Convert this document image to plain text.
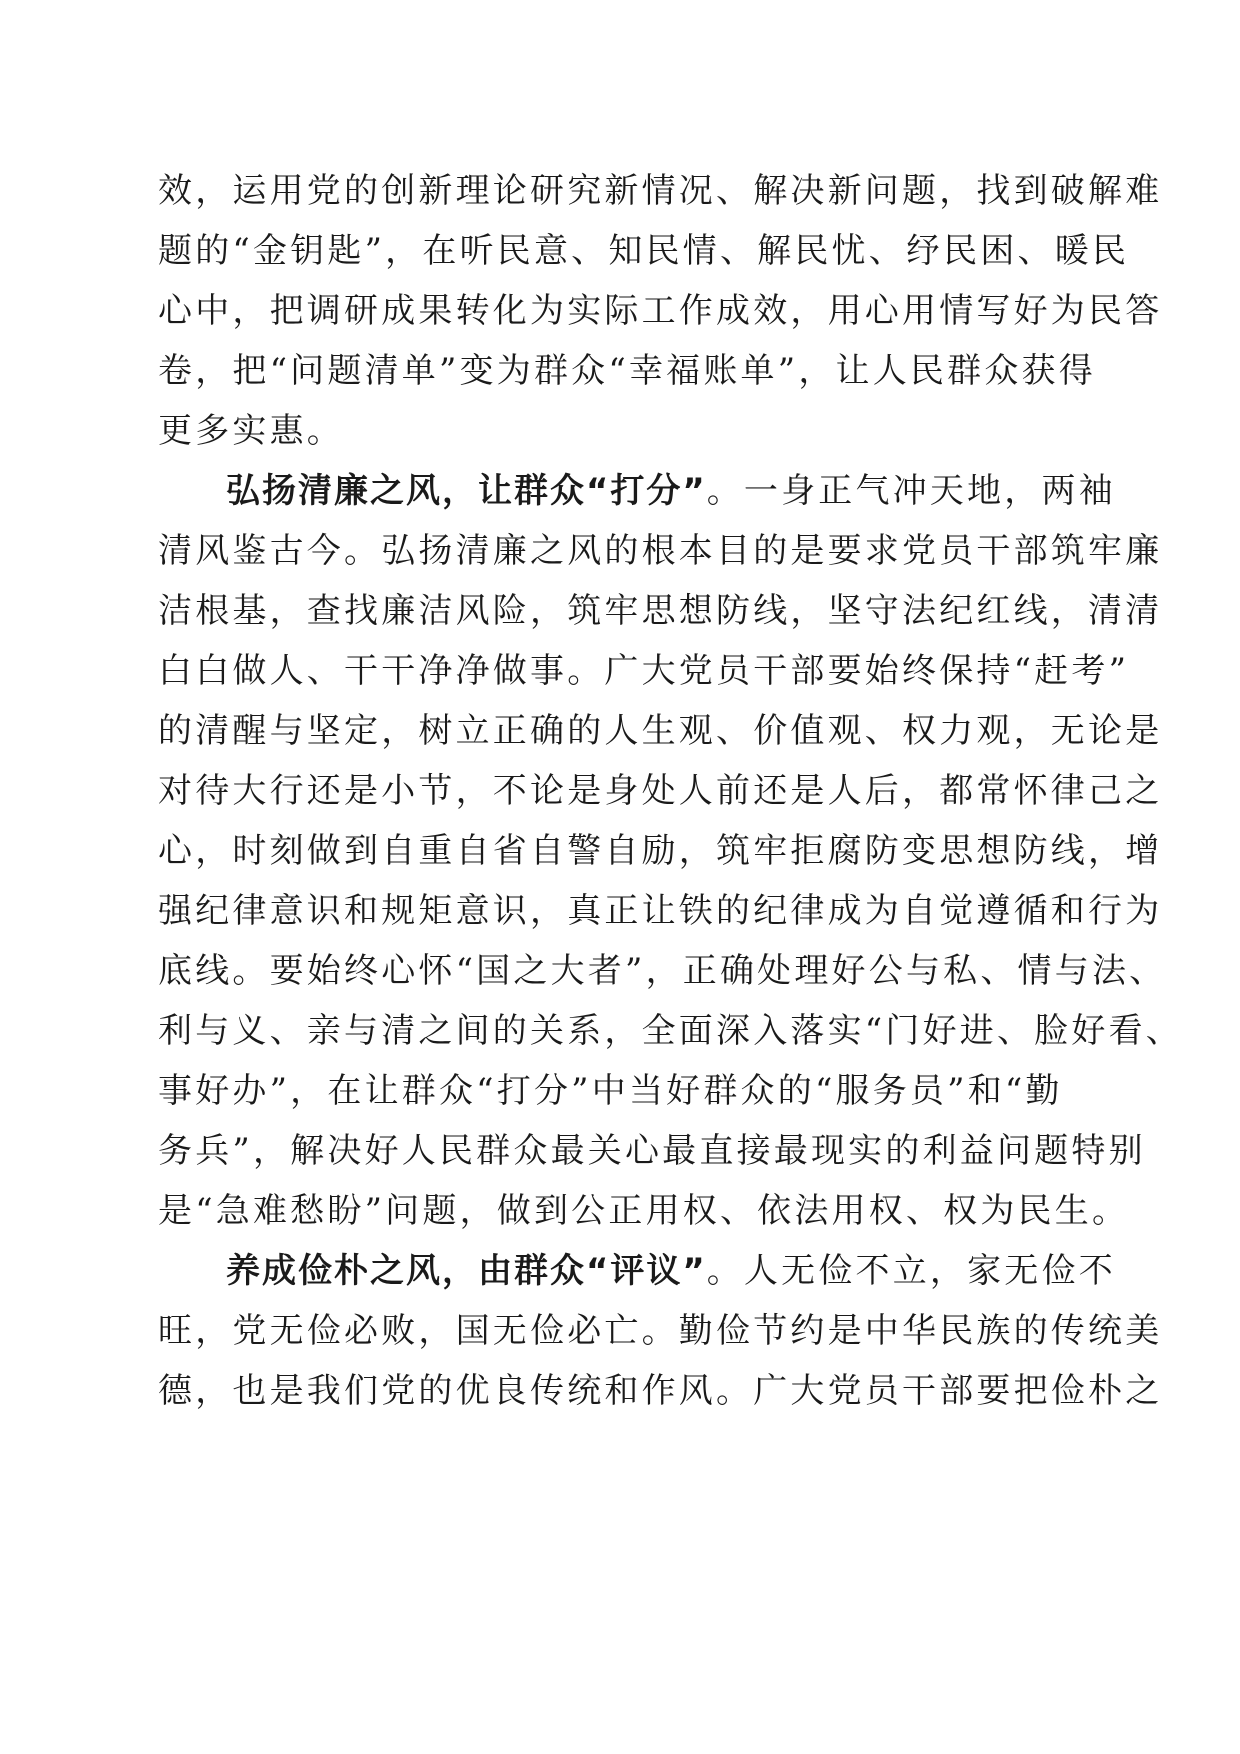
效，运用党的创新理论研究新情况、解决新问题，找到破解难
题的“金钥匙”，在听民意、知民情、解民忧、纾民困、暖民
心中，把调研成果转化为实际工作成效，用心用情写好为民答
卷，把“问题清单”变为群众“幸福账单”，让人民群众获得
更多实惠。
弘扬清廉之风，让群众“打分”。一身正气冲天地，两袖
清风鉴古今。弘扬清廉之风的根本目的是要求党员干部筑牢廉
洁根基，查找廉洁风险，筑牢思想防线，坚守法纪红线，清清
白白做人、干干净净做事。广大党员干部要始终保持“赶考”
的清醒与坚定，树立正确的人生观、价值观、权力观，无论是
对待大行还是小节，不论是身处人前还是人后，都常怀律己之
心，时刻做到自重自省自警自励，筑牢拒腐防变思想防线，增
强纪律意识和规矩意识，真正让铁的纪律成为自觉遵循和行为
底线。要始终心怀“国之大者”，正确处理好公与私、情与法、
利与义、亲与清之间的关系，全面深入落实“门好进、脸好看、
事好办”，在让群众“打分”中当好群众的“服务员”和“勤
务兵”，解决好人民群众最关心最直接最现实的利益问题特别
是“急难愁盼”问题，做到公正用权、依法用权、权为民生。
养成俭朴之风，由群众“评议”。人无俭不立，家无俭不
旺，党无俭必败，国无俭必亡。勤俭节约是中华民族的传统美
德，也是我们党的优良传统和作风。广大党员干部要把俭朴之
